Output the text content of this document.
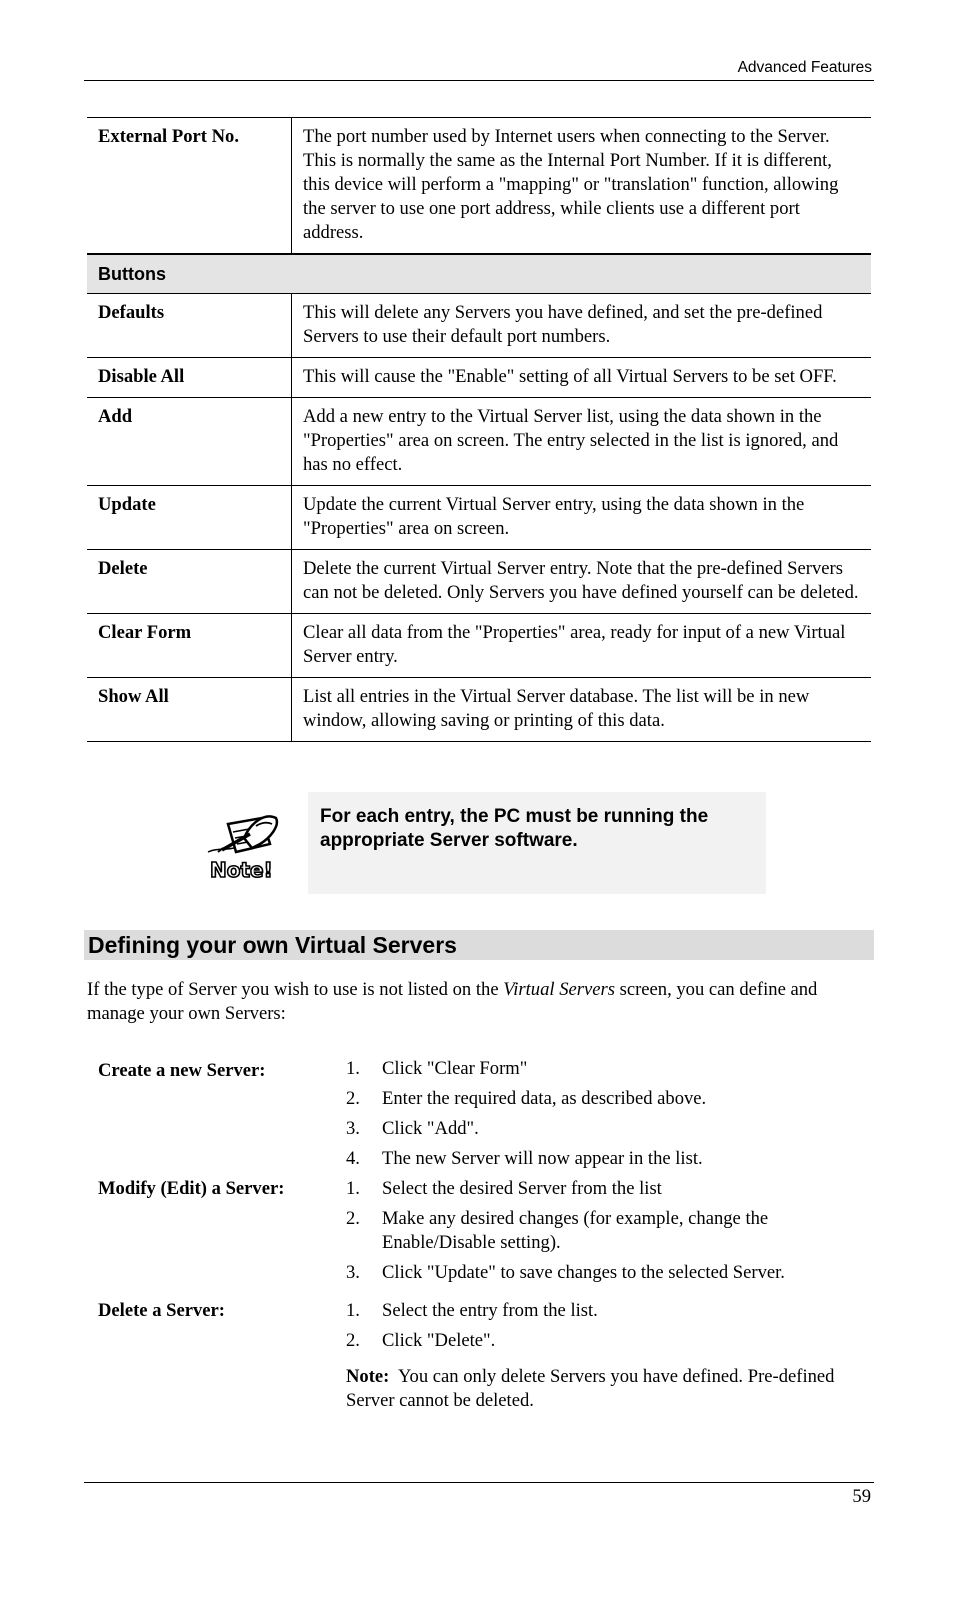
Advanced Features
External Port No.	The port number used by Internet users when connecting to the Server. This is normally the same as the Internal Port Number. If it is different, this device will perform a "mapping" or "translation" function, allowing the server to use one port address, while clients use a different port address.
Buttons	
Defaults	This will delete any Servers you have defined, and set the pre-defined Servers to use their default port numbers.
Disable All	This will cause the "Enable" setting of all Virtual Servers to be set OFF.
Add	Add a new entry to the Virtual Server list, using the data shown in the "Properties" area on screen. The entry selected in the list is ignored, and has no effect.
Update	Update the current Virtual Server entry, using the data shown in the "Properties" area on screen.
Delete	Delete the current Virtual Server entry. Note that the pre-defined Servers can not be deleted. Only Servers you have defined yourself can be deleted.
Clear Form	Clear all data from the "Properties" area, ready for input of a new Virtual Server entry.
Show All	List all entries in the Virtual Server database. The list will be in new window, allowing saving or printing of this data.
Note!
For each entry, the PC must be running the appropriate Server software.
Defining your own Virtual Servers
If the type of Server you wish to use is not listed on the Virtual Servers screen, you can define and manage your own Servers:
Create a new Server:	1.	Click "Clear Form"
2.	Enter the required data, as described above.
3.	Click "Add".
4.	The new Server will now appear in the list.
Modify (Edit) a Server:	1.	Select the desired Server from the list
2.	Make any desired changes (for example, change the Enable/Disable setting).
3.	Click "Update" to save changes to the selected Server.
Delete a Server:	1.	Select the entry from the list.
2.	Click "Delete".
Note: You can only delete Servers you have defined. Pre-defined Server cannot be deleted.
59
